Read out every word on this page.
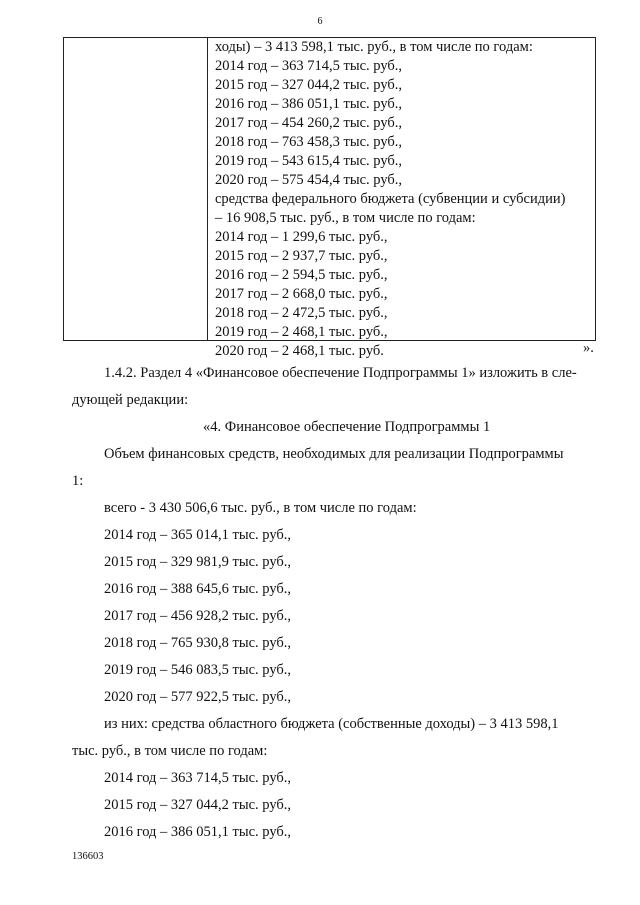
6
ходы) – 3 413 598,1 тыс. руб., в том числе по годам:
2014 год – 363 714,5 тыс. руб.,
2015 год – 327 044,2 тыс. руб.,
2016 год – 386 051,1 тыс. руб.,
2017 год – 454 260,2 тыс. руб.,
2018 год – 763 458,3 тыс. руб.,
2019 год – 543 615,4 тыс. руб.,
2020 год – 575 454,4 тыс. руб.,
средства федерального бюджета (субвенции и субсидии)
– 16 908,5 тыс. руб., в том числе по годам:
2014 год – 1 299,6 тыс. руб.,
2015 год – 2 937,7 тыс. руб.,
2016 год – 2 594,5 тыс. руб.,
2017 год – 2 668,0 тыс. руб.,
2018 год – 2 472,5 тыс. руб.,
2019 год – 2 468,1 тыс. руб.,
2020 год – 2 468,1 тыс. руб.	».
1.4.2. Раздел 4 «Финансовое обеспечение Подпрограммы 1» изложить в сле-
дующей редакции:
«4. Финансовое обеспечение Подпрограммы 1
Объем финансовых средств, необходимых для реализации Подпрограммы
1:
всего - 3 430 506,6 тыс. руб., в том числе по годам:
2014 год – 365 014,1 тыс. руб.,
2015 год – 329 981,9 тыс. руб.,
2016 год – 388 645,6 тыс. руб.,
2017 год – 456 928,2 тыс. руб.,
2018 год – 765 930,8 тыс. руб.,
2019 год – 546 083,5 тыс. руб.,
2020 год – 577 922,5 тыс. руб.,
из них: средства областного бюджета (собственные доходы) – 3 413 598,1
тыс. руб., в том числе по годам:
2014 год – 363 714,5 тыс. руб.,
2015 год – 327 044,2 тыс. руб.,
2016 год – 386 051,1 тыс. руб.,
136603
